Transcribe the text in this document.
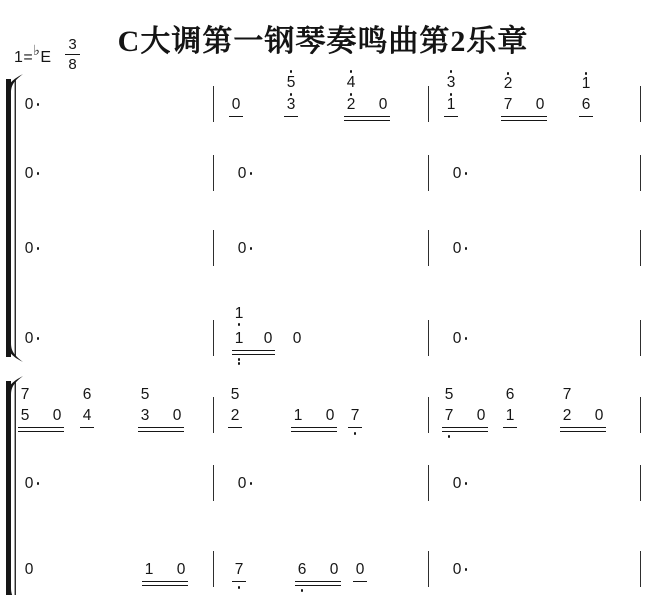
C大调第一钢琴奏鸣曲第2乐章
1=♭E $\frac{3}{8}$
0	0	3
5
2
4
0	1
3
7
2
0 6
1
0	0	0
0	0	0
0	1
1
0 0	0
5
7
0 4
6
3
5
0	2
5
1 0 7	7
5
0 1
6
2
7
0
0	0	0
0	1 0	7	6 0 0	0
